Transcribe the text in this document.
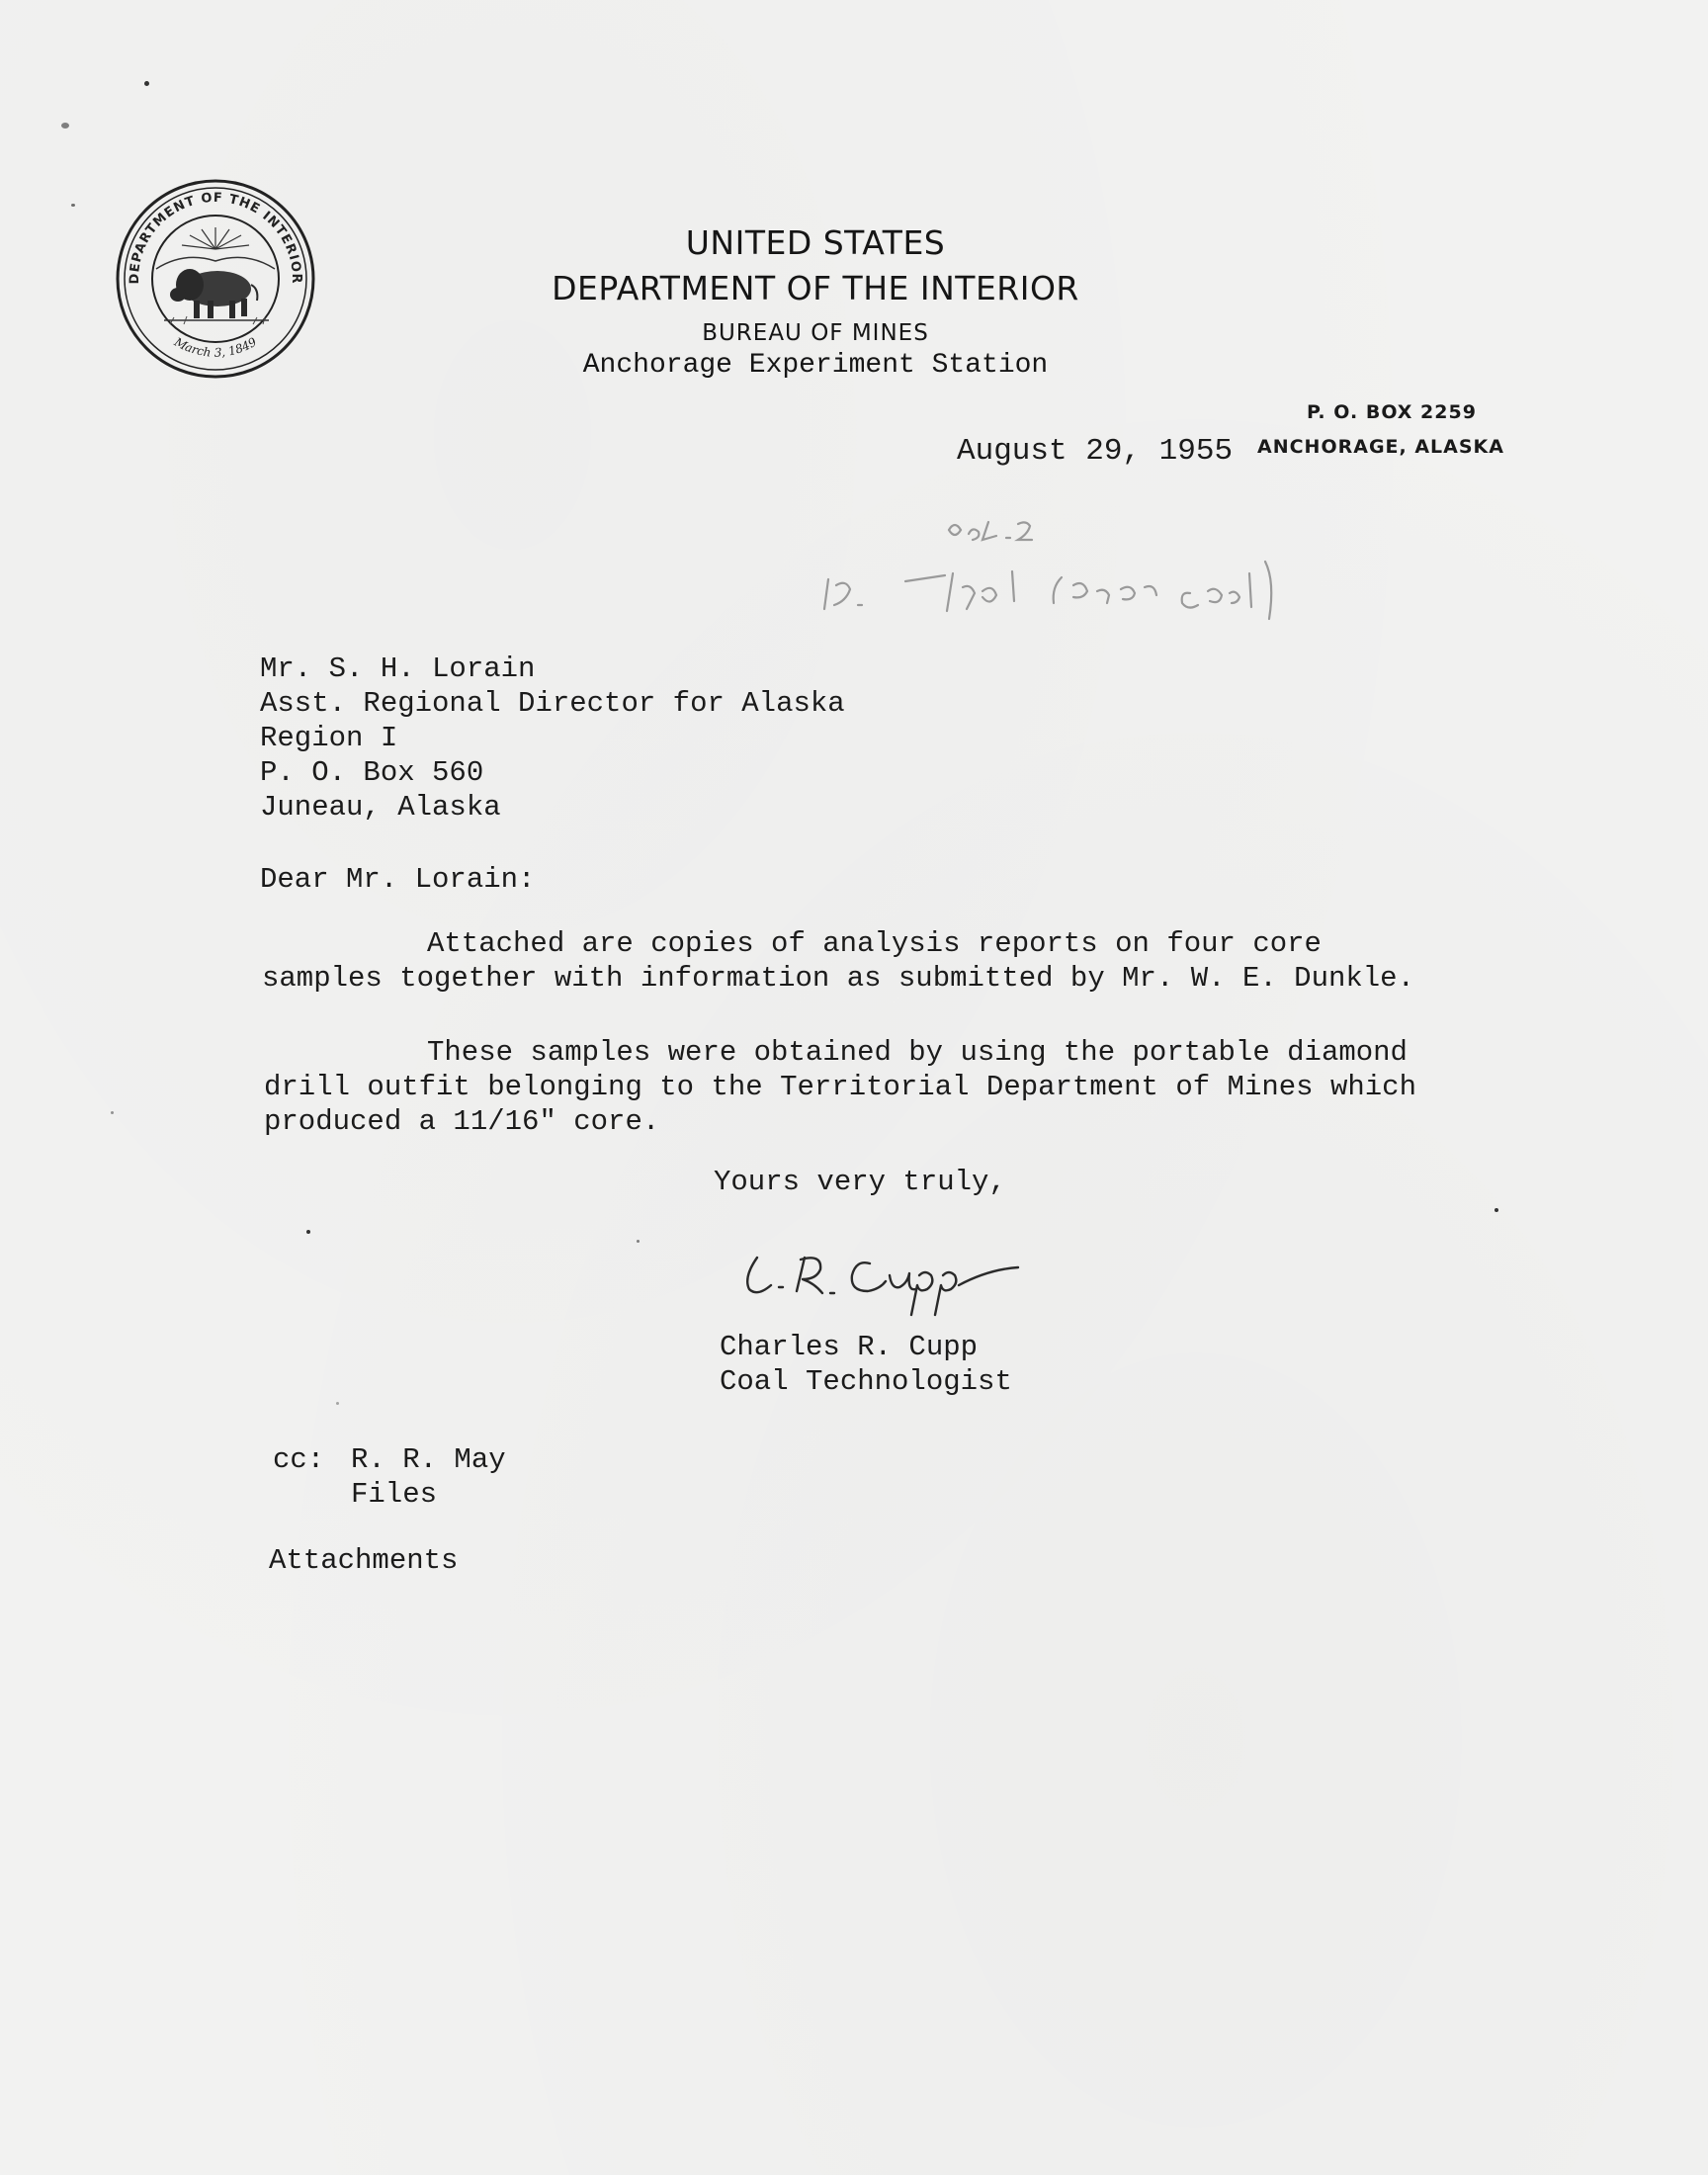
DEPARTMENT OF THE INTERIOR
March 3, 1849
UNITED STATES
DEPARTMENT OF THE INTERIOR
BUREAU OF MINES
Anchorage Experiment Station
P. O. BOX 2259
ANCHORAGE, ALASKA
August 29, 1955
Mr. S. H. Lorain
Asst. Regional Director for Alaska
Region I
P. O. Box 560
Juneau, Alaska
Dear Mr. Lorain:
Attached are copies of analysis reports on four core
samples together with information as submitted by Mr. W. E. Dunkle.
These samples were obtained by using the portable diamond
drill outfit belonging to the Territorial Department of Mines which
produced a 11/16" core.
Yours very truly,
Charles R. Cupp
Coal Technologist
cc: R. R. May
Files
Attachments
